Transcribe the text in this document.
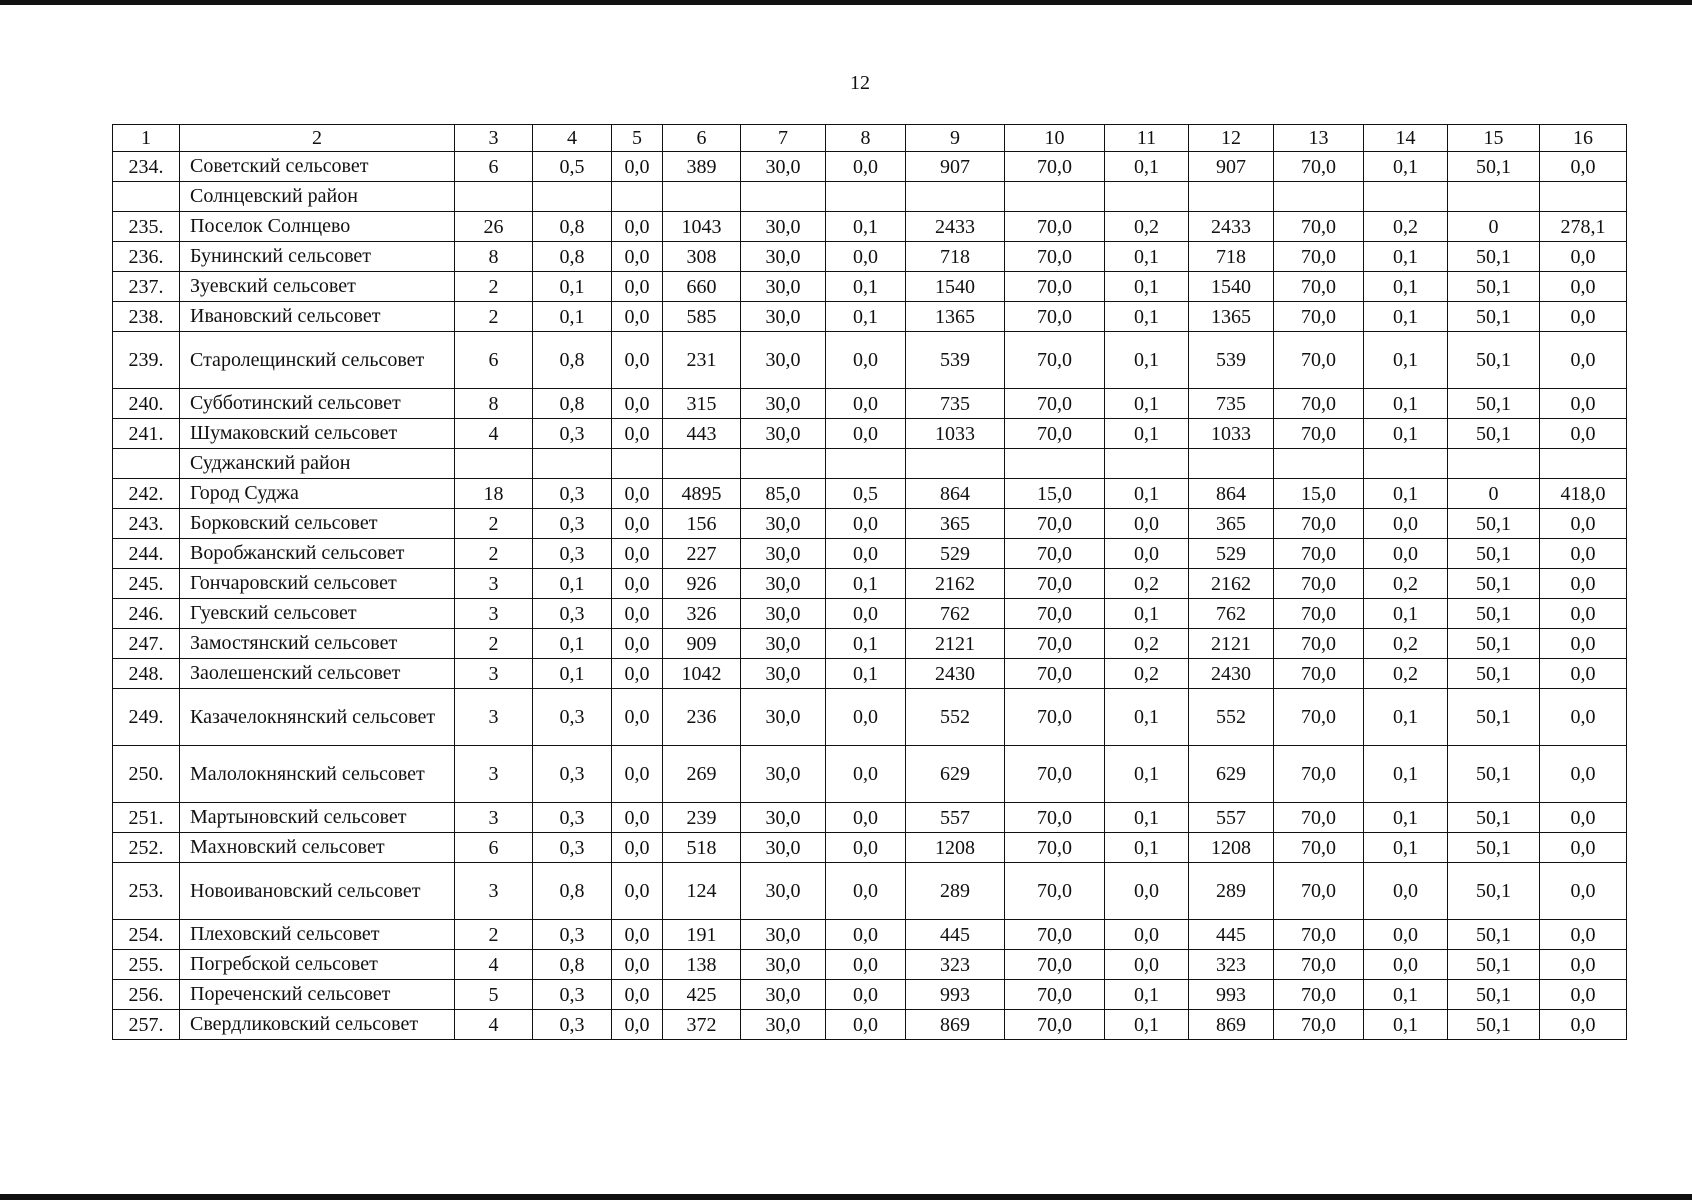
12
1	2	3	4	5	6	7	8	9	10	11	12	13	14	15	16
234.	Советский сельсовет	6	0,5	0,0	389	30,0	0,0	907	70,0	0,1	907	70,0	0,1	50,1	0,0
	Солнцевский район														
235.	Поселок Солнцево	26	0,8	0,0	1043	30,0	0,1	2433	70,0	0,2	2433	70,0	0,2	0	278,1
236.	Бунинский сельсовет	8	0,8	0,0	308	30,0	0,0	718	70,0	0,1	718	70,0	0,1	50,1	0,0
237.	Зуевский сельсовет	2	0,1	0,0	660	30,0	0,1	1540	70,0	0,1	1540	70,0	0,1	50,1	0,0
238.	Ивановский сельсовет	2	0,1	0,0	585	30,0	0,1	1365	70,0	0,1	1365	70,0	0,1	50,1	0,0
239.	Старолещинский сельсовет	6	0,8	0,0	231	30,0	0,0	539	70,0	0,1	539	70,0	0,1	50,1	0,0
240.	Субботинский сельсовет	8	0,8	0,0	315	30,0	0,0	735	70,0	0,1	735	70,0	0,1	50,1	0,0
241.	Шумаковский сельсовет	4	0,3	0,0	443	30,0	0,0	1033	70,0	0,1	1033	70,0	0,1	50,1	0,0
	Суджанский район														
242.	Город Суджа	18	0,3	0,0	4895	85,0	0,5	864	15,0	0,1	864	15,0	0,1	0	418,0
243.	Борковский сельсовет	2	0,3	0,0	156	30,0	0,0	365	70,0	0,0	365	70,0	0,0	50,1	0,0
244.	Воробжанский сельсовет	2	0,3	0,0	227	30,0	0,0	529	70,0	0,0	529	70,0	0,0	50,1	0,0
245.	Гончаровский сельсовет	3	0,1	0,0	926	30,0	0,1	2162	70,0	0,2	2162	70,0	0,2	50,1	0,0
246.	Гуевский сельсовет	3	0,3	0,0	326	30,0	0,0	762	70,0	0,1	762	70,0	0,1	50,1	0,0
247.	Замостянский сельсовет	2	0,1	0,0	909	30,0	0,1	2121	70,0	0,2	2121	70,0	0,2	50,1	0,0
248.	Заолешенский сельсовет	3	0,1	0,0	1042	30,0	0,1	2430	70,0	0,2	2430	70,0	0,2	50,1	0,0
249.	Казачелокнянский сельсовет	3	0,3	0,0	236	30,0	0,0	552	70,0	0,1	552	70,0	0,1	50,1	0,0
250.	Малолокнянский сельсовет	3	0,3	0,0	269	30,0	0,0	629	70,0	0,1	629	70,0	0,1	50,1	0,0
251.	Мартыновский сельсовет	3	0,3	0,0	239	30,0	0,0	557	70,0	0,1	557	70,0	0,1	50,1	0,0
252.	Махновский сельсовет	6	0,3	0,0	518	30,0	0,0	1208	70,0	0,1	1208	70,0	0,1	50,1	0,0
253.	Новоивановский сельсовет	3	0,8	0,0	124	30,0	0,0	289	70,0	0,0	289	70,0	0,0	50,1	0,0
254.	Плеховский сельсовет	2	0,3	0,0	191	30,0	0,0	445	70,0	0,0	445	70,0	0,0	50,1	0,0
255.	Погребской сельсовет	4	0,8	0,0	138	30,0	0,0	323	70,0	0,0	323	70,0	0,0	50,1	0,0
256.	Пореченский сельсовет	5	0,3	0,0	425	30,0	0,0	993	70,0	0,1	993	70,0	0,1	50,1	0,0
257.	Свердликовский сельсовет	4	0,3	0,0	372	30,0	0,0	869	70,0	0,1	869	70,0	0,1	50,1	0,0
